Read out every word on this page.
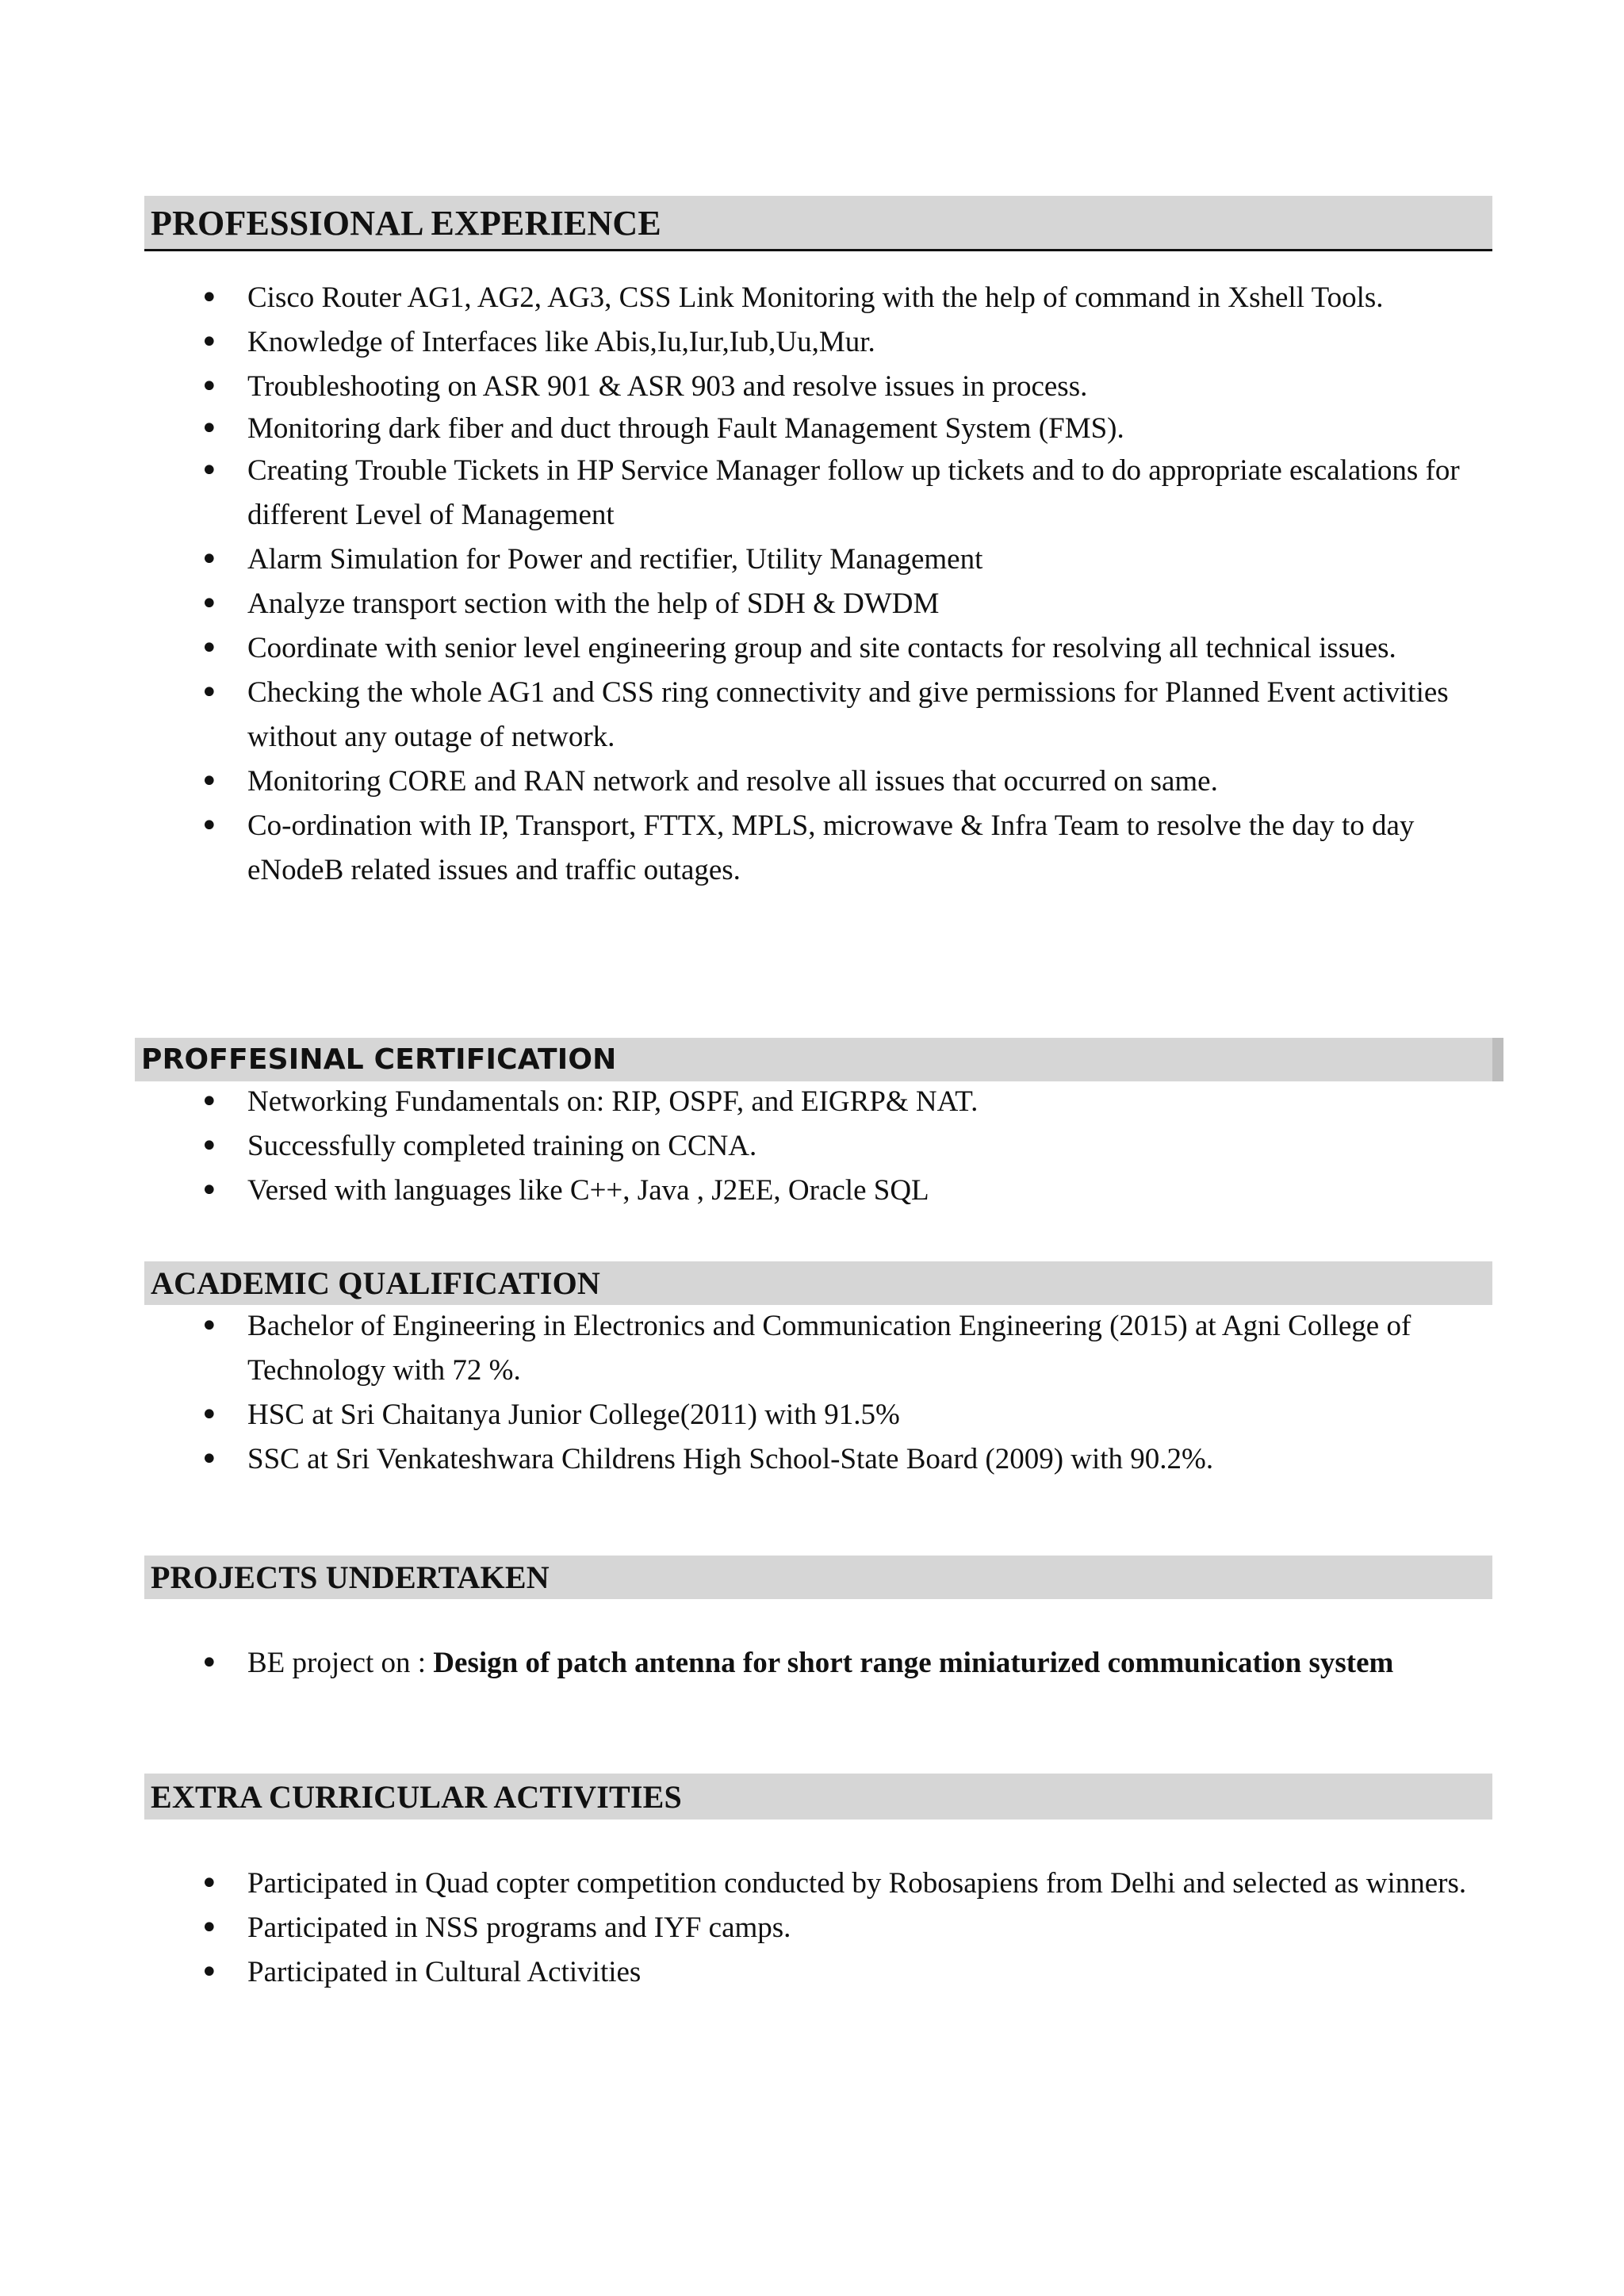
PROFESSIONAL EXPERIENCE
• Cisco Router AG1, AG2, AG3, CSS Link Monitoring with the help of command in Xshell Tools.
• Knowledge of Interfaces like Abis,Iu,Iur,Iub,Uu,Mur.
• Troubleshooting on ASR 901 & ASR 903 and resolve issues in process.
• Monitoring dark fiber and duct through Fault Management System (FMS).
• Creating Trouble Tickets in HP Service Manager follow up tickets and to do appropriate escalations for different Level of Management
• Alarm Simulation for Power and rectifier, Utility Management
• Analyze transport section with the help of SDH & DWDM
• Coordinate with senior level engineering group and site contacts for resolving all technical issues.
• Checking the whole AG1 and CSS ring connectivity and give permissions for Planned Event activities without any outage of network.
• Monitoring CORE and RAN network and resolve all issues that occurred on same.
• Co-ordination with IP, Transport, FTTX, MPLS, microwave & Infra Team to resolve the day to day eNodeB related issues and traffic outages.
PROFFESINAL CERTIFICATION
• Networking Fundamentals on: RIP, OSPF, and EIGRP& NAT.
• Successfully completed training on CCNA.
• Versed with languages like C++, Java , J2EE, Oracle SQL
ACADEMIC QUALIFICATION
• Bachelor of Engineering in Electronics and Communication Engineering (2015) at Agni College of Technology with 72 %.
• HSC at Sri Chaitanya Junior College(2011) with 91.5%
• SSC at Sri Venkateshwara Childrens High School-State Board (2009) with 90.2%.
PROJECTS UNDERTAKEN
• BE project on : Design of patch antenna for short range miniaturized communication system
EXTRA CURRICULAR ACTIVITIES
• Participated in Quad copter competition conducted by Robosapiens from Delhi and selected as winners.
• Participated in NSS programs and IYF camps.
• Participated in Cultural Activities
